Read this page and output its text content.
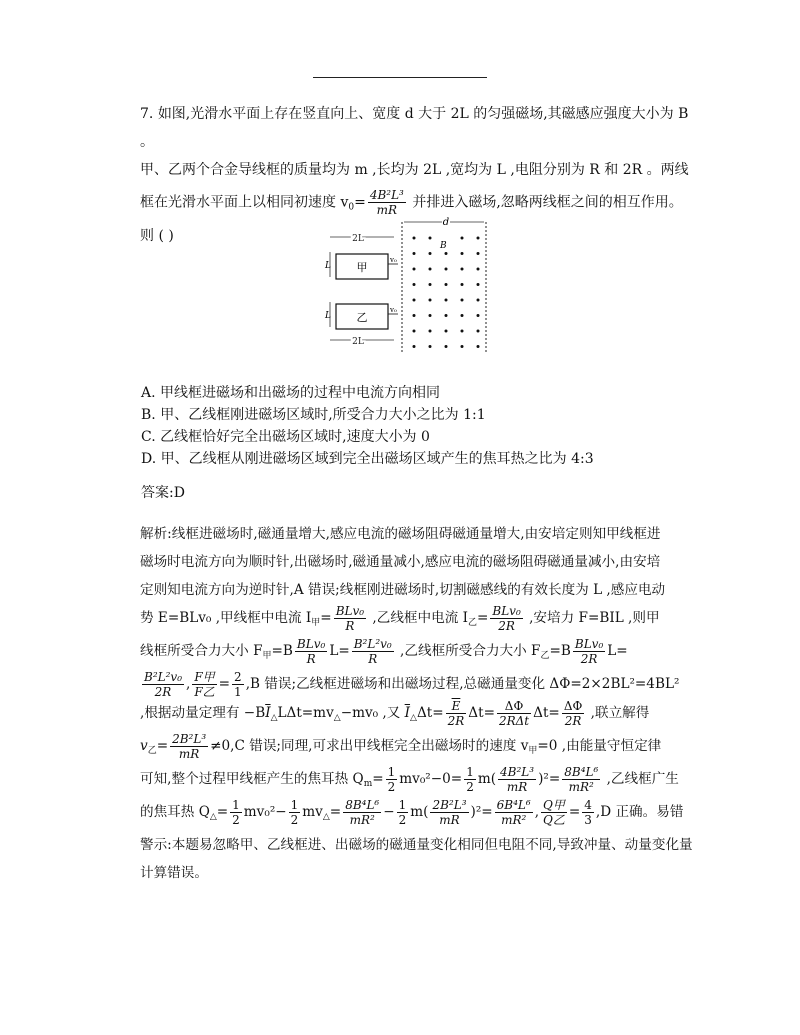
7. 如图,光滑水平面上存在竖直向上、宽度 d 大于 2L 的匀强磁场,其磁感应强度大小为 B 。

甲、乙两个合金导线框的质量均为 m ,长均为 2L ,宽均为 L ,电阻分别为 R 和 2R 。两线

框在光滑水平面上以相同初速度 $v_0= \frac{\text{4B²L³}}{mR}$ 并排进入磁场,忽略两线框之间的相互作用。

则 ( )

d
B
2L
L 甲
v₀
L 乙
v₀
2L
A. 甲线框进磁场和出磁场的过程中电流方向相同
B. 甲、乙线框刚进磁场区域时,所受合力大小之比为 1:1
C. 乙线框恰好完全出磁场区域时,速度大小为 0
D. 甲、乙线框从刚进磁场区域到完全出磁场区域产生的焦耳热之比为 4:3
答案:D

解析:线框进磁场时,磁通量增大,感应电流的磁场阻碍磁通量增大,由安培定则知甲线框进

磁场时电流方向为顺时针,出磁场时,磁通量减小,感应电流的磁场阻碍磁通量减小,由安培

定则知电流方向为逆时针,A 错误;线框刚进磁场时,切割磁感线的有效长度为 L ,感应电动

势 E=BLv₀ ,甲线框中电流 $I_甲= \frac{\text{BLv₀}}{R}$ ,乙线框中电流 $I_乙= \frac{\text{BLv₀}}{2R}$ ,安培力 F=BIL ,则甲

线框所受合力大小 $F_甲=B \frac{\text{BLv₀}}{R} L= \frac{\text{B²L²v₀}}{R}$ ,乙线框所受合力大小 $F_乙=B \frac{\text{BLv₀}}{2R} L=$

$\frac{\text{B²L²v₀}}{2R}$ , $\frac{\text{F甲}}{\text{F乙}} = \frac{2}{1} ,B$ 错误;乙线框进磁场和出磁场过程,总磁通量变化 ΔΦ=2×2BL²=4BL²

,根据动量定理有 $-B\overline{I}_\triangle L\Delta t=mv_\triangle-mv_0$ ,又 $\overline{I}_\triangle\Delta t= \frac{\overline{E}}{2R} \Delta t= \frac{\Delta\Phi}{\text{2RΔt}} \Delta t= \frac{\Delta\Phi}{2R}$ ,联立解得

$v_乙= \frac{\text{2B²L³}}{mR} \ne 0,C$ 错误;同理,可求出甲线框完全出磁场时的速度 $v_甲=0$ ,由能量守恒定律

可知,整个过程甲线框产生的焦耳热 $Q_m= \frac{1}{2} mv_0^2-0= \frac{1}{2} m( \frac{\text{4B²L³}}{mR} )^2= \frac{\text{8B⁴L⁶}}{\text{mR²}}$ ,乙线框广生

的焦耳热 $Q_\triangle= \frac{1}{2} mv_0^2- \frac{1}{2} mv_\triangle= \frac{\text{8B⁴L⁶}}{\text{mR²}} - \frac{1}{2} m( \frac{\text{2B²L³}}{mR} )^2= \frac{\text{6B⁴L⁶}}{\text{mR²}}$ , $\frac{\text{Q甲}}{\text{Q乙}} = \frac{4}{3} ,D$ 正确。易错

警示:本题易忽略甲、乙线框进、出磁场的磁通量变化相同但电阻不同,导致冲量、动量变化量

计算错误。
